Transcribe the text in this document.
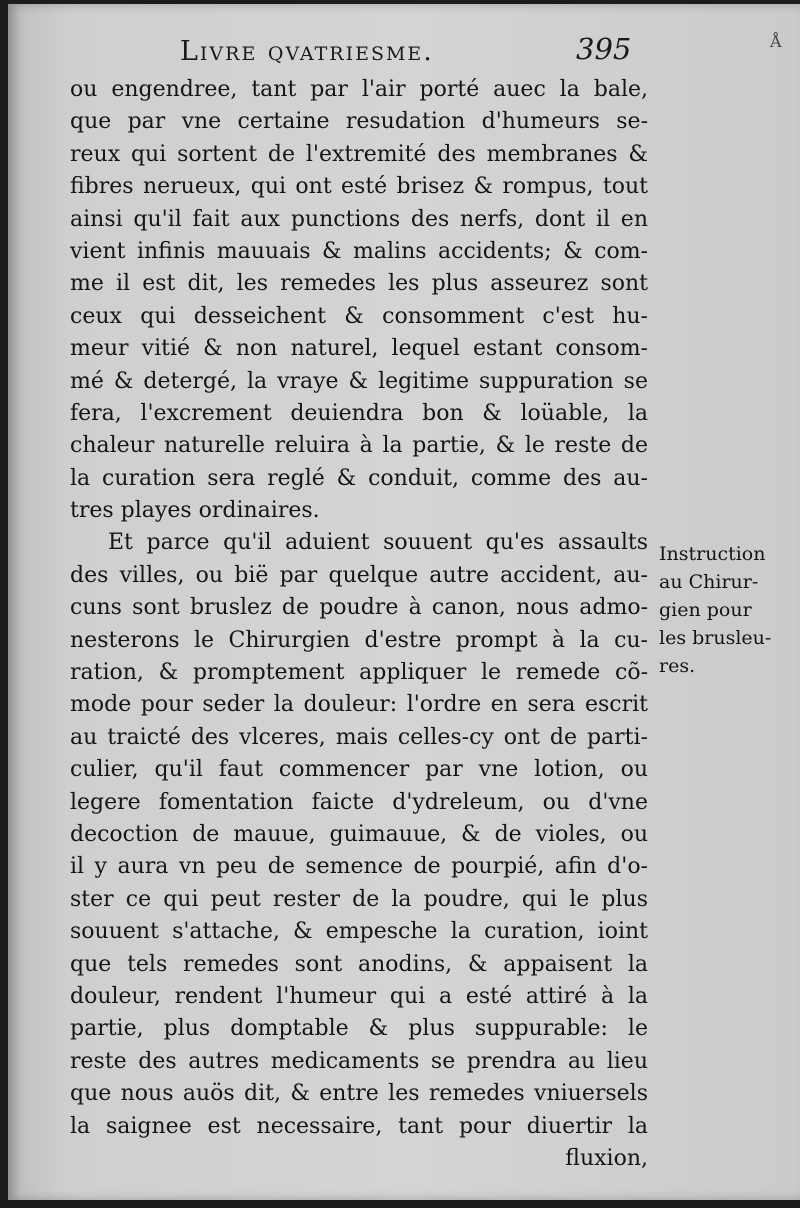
Livre qvatriesme.	395	Å
ou engendree, tant par l'air porté auec la bale,
que par vne certaine resudation d'humeurs se-
reux qui sortent de l'extremité des membranes &
fibres nerueux, qui ont esté brisez & rompus, tout
ainsi qu'il fait aux punctions des nerfs, dont il en
vient infinis mauuais & malins accidents; & com-
me il est dit, les remedes les plus asseurez sont
ceux qui desseichent & consomment c'est hu-
meur vitié & non naturel, lequel estant consom-
mé & detergé, la vraye & legitime suppuration se
fera, l'excrement deuiendra bon & loüable, la
chaleur naturelle reluira à la partie, & le reste de
la curation sera reglé & conduit, comme des au-
tres playes ordinaires.
Et parce qu'il aduient souuent qu'es assaults
des villes, ou bië par quelque autre accident, au-
cuns sont bruslez de poudre à canon, nous admo-
nesterons le Chirurgien d'estre prompt à la cu-
ration, & promptement appliquer le remede cõ-
mode pour seder la douleur: l'ordre en sera escrit
au traicté des vlceres, mais celles-cy ont de parti-
culier, qu'il faut commencer par vne lotion, ou
legere fomentation faicte d'ydreleum, ou d'vne
decoction de mauue, guimauue, & de violes, ou
il y aura vn peu de semence de pourpié, afin d'o-
ster ce qui peut rester de la poudre, qui le plus
souuent s'attache, & empesche la curation, ioint
que tels remedes sont anodins, & appaisent la
douleur, rendent l'humeur qui a esté attiré à la
partie, plus domptable & plus suppurable: le
reste des autres medicaments se prendra au lieu
que nous auös dit, & entre les remedes vniuersels
la saignee est necessaire, tant pour diuertir la
fluxion,
Instruction
au Chirur-
gien pour
les brusleu-
res.
